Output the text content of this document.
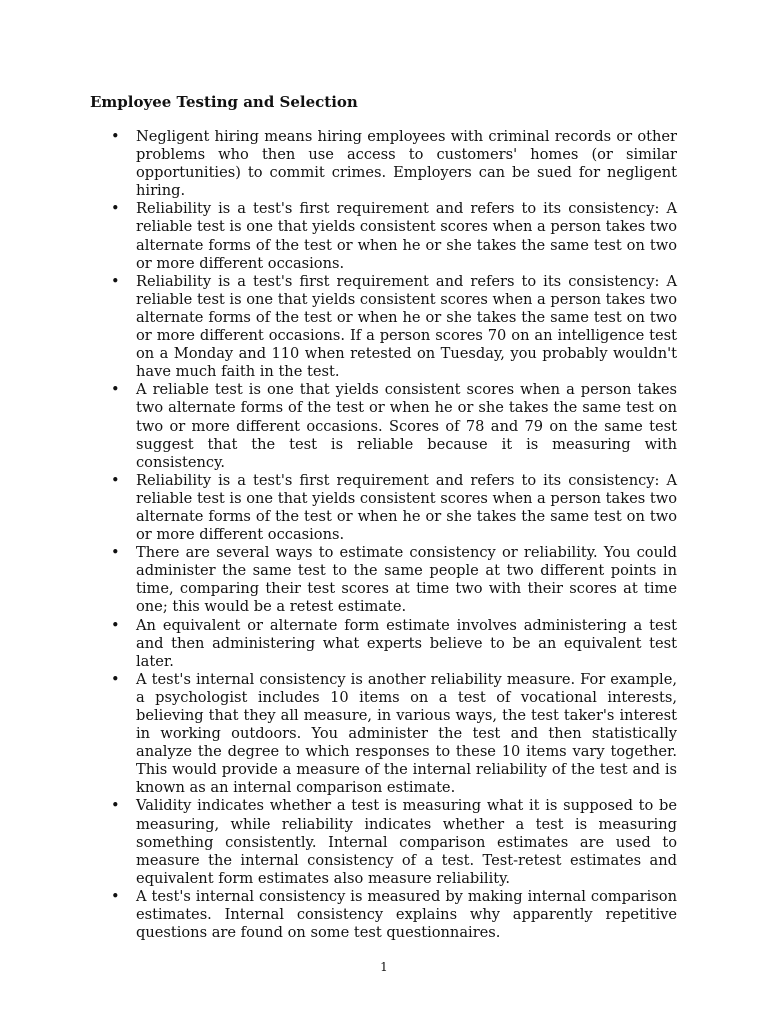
Employee Testing and Selection
• Negligent hiring means hiring employees with criminal records or other problems who then use access to customers' homes (or similar opportunities) to commit crimes. Employers can be sued for negligent hiring.
• Reliability is a test's first requirement and refers to its consistency: A reliable test is one that yields consistent scores when a person takes two alternate forms of the test or when he or she takes the same test on two or more different occasions.
• Reliability is a test's first requirement and refers to its consistency: A reliable test is one that yields consistent scores when a person takes two alternate forms of the test or when he or she takes the same test on two or more different occasions. If a person scores 70 on an intelligence test on a Monday and 110 when retested on Tuesday, you probably wouldn't have much faith in the test.
• A reliable test is one that yields consistent scores when a person takes two alternate forms of the test or when he or she takes the same test on two or more different occasions. Scores of 78 and 79 on the same test suggest that the test is reliable because it is measuring with consistency.
• Reliability is a test's first requirement and refers to its consistency: A reliable test is one that yields consistent scores when a person takes two alternate forms of the test or when he or she takes the same test on two or more different occasions.
• There are several ways to estimate consistency or reliability. You could administer the same test to the same people at two different points in time, comparing their test scores at time two with their scores at time one; this would be a retest estimate.
• An equivalent or alternate form estimate involves administering a test and then administering what experts believe to be an equivalent test later.
• A test's internal consistency is another reliability measure. For example, a psychologist includes 10 items on a test of vocational interests, believing that they all measure, in various ways, the test taker's interest in working outdoors. You administer the test and then statistically analyze the degree to which responses to these 10 items vary together. This would provide a measure of the internal reliability of the test and is known as an internal comparison estimate.
• Validity indicates whether a test is measuring what it is supposed to be measuring, while reliability indicates whether a test is measuring something consistently. Internal comparison estimates are used to measure the internal consistency of a test. Test-retest estimates and equivalent form estimates also measure reliability.
• A test's internal consistency is measured by making internal comparison estimates. Internal consistency explains why apparently repetitive questions are found on some test questionnaires.
1
